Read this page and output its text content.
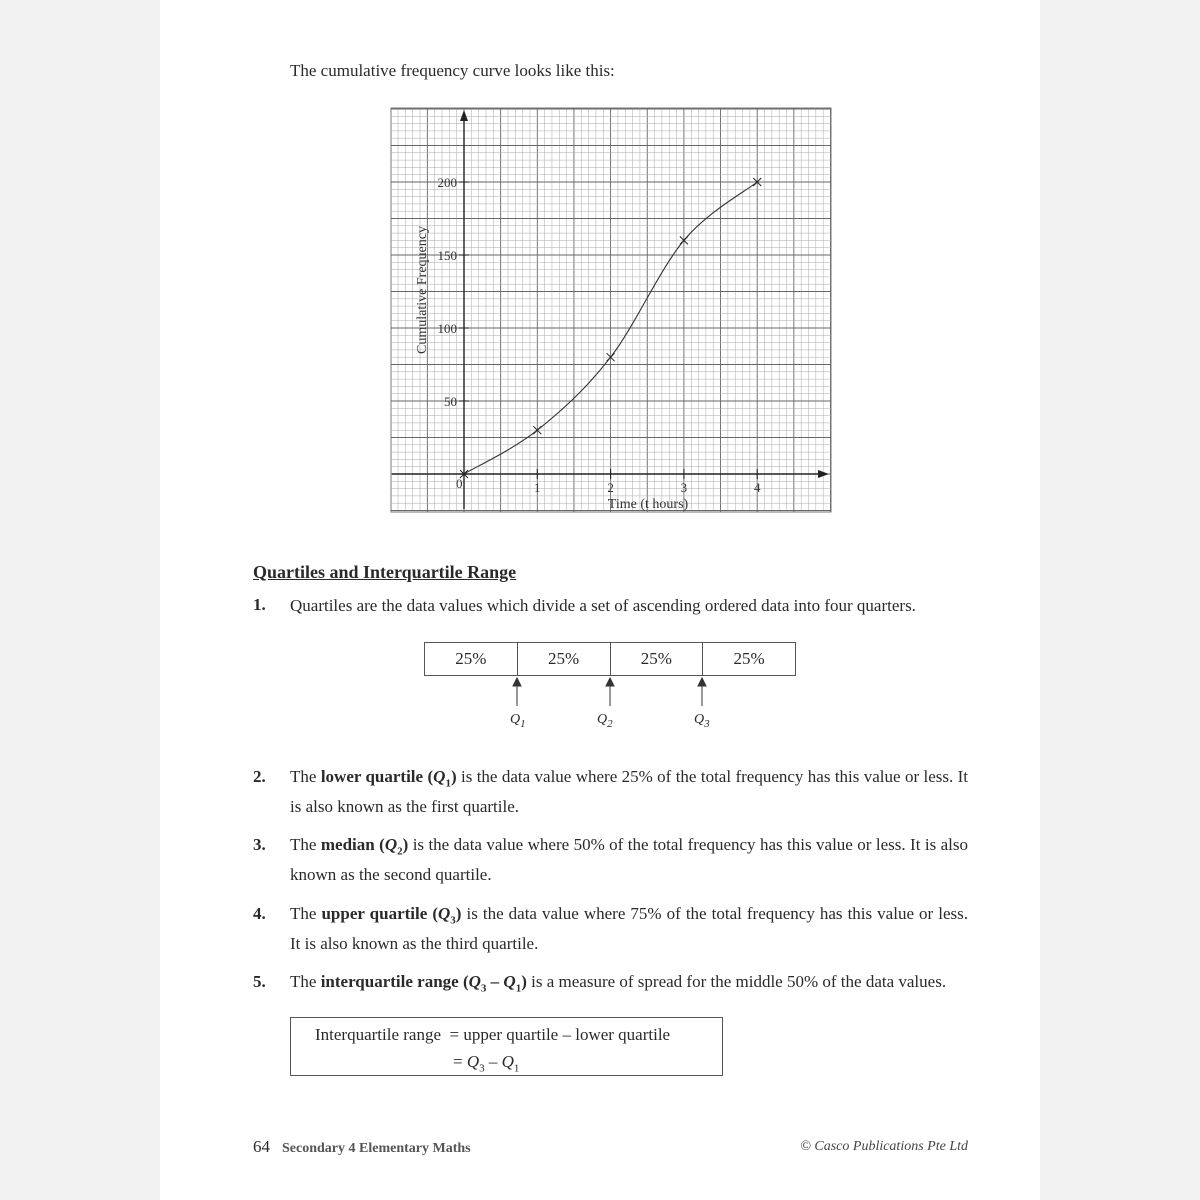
The cumulative frequency curve looks like this:
1	2	3	4
50
100
150
200
Cumulative Frequency
Time (t hours)
0
Quartiles and Interquartile Range
1. Quartiles are the data values which divide a set of ascending ordered data into four quarters.
25%	25%	25%	25%
$Q_1$	$Q_2$	$Q_3$
2. The lower quartile $(Q_1)$ is the data value where 25% of the total frequency has this value or less. It is also known as the first quartile.
3. The median $(Q_2)$ is the data value where 50% of the total frequency has this value or less. It is also known as the second quartile.
4. The upper quartile $(Q_3)$ is the data value where 75% of the total frequency has this value or less. It is also known as the third quartile.
5. The interquartile range $(Q_3 - Q_1)$ is a measure of spread for the middle 50% of the data values.
Interquartile range  = upper quartile – lower quartile
= $Q_3 - Q_1$
64 Secondary 4 Elementary Maths	© Casco Publications Pte Ltd
